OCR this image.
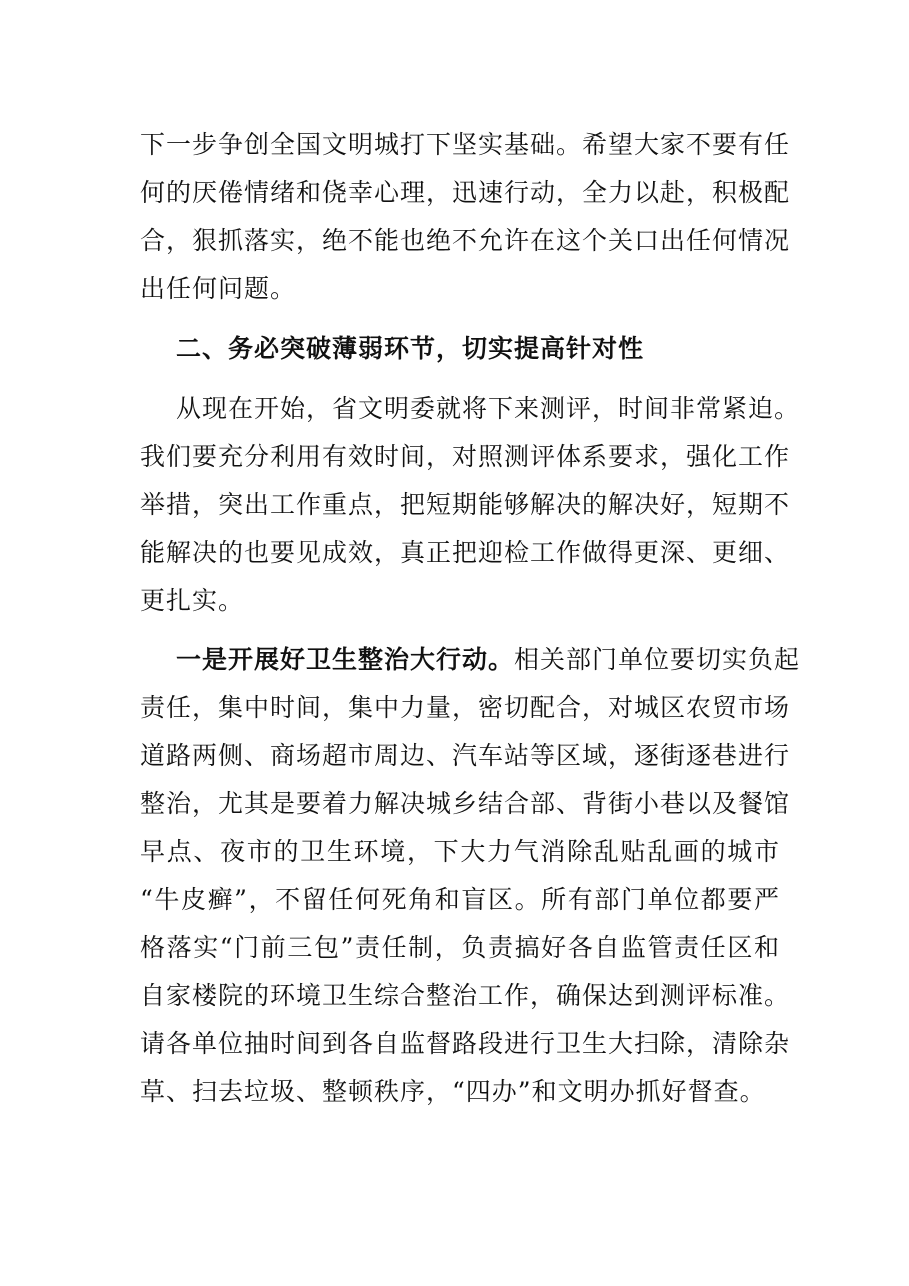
下一步争创全国文明城打下坚实基础。希望大家不要有任
何的厌倦情绪和侥幸心理，迅速行动，全力以赴，积极配
合，狠抓落实，绝不能也绝不允许在这个关口出任何情况
出任何问题。
二、务必突破薄弱环节，切实提高针对性
从现在开始，省文明委就将下来测评，时间非常紧迫。
我们要充分利用有效时间，对照测评体系要求，强化工作
举措，突出工作重点，把短期能够解决的解决好，短期不
能解决的也要见成效，真正把迎检工作做得更深、更细、
更扎实。
一是开展好卫生整治大行动。相关部门单位要切实负起
责任，集中时间，集中力量，密切配合，对城区农贸市场
道路两侧、商场超市周边、汽车站等区域，逐街逐巷进行
整治，尤其是要着力解决城乡结合部、背街小巷以及餐馆
早点、夜市的卫生环境，下大力气消除乱贴乱画的城市
“牛皮癣”，不留任何死角和盲区。所有部门单位都要严
格落实“门前三包”责任制，负责搞好各自监管责任区和
自家楼院的环境卫生综合整治工作，确保达到测评标准。
请各单位抽时间到各自监督路段进行卫生大扫除，清除杂
草、扫去垃圾、整顿秩序，“四办”和文明办抓好督查。
